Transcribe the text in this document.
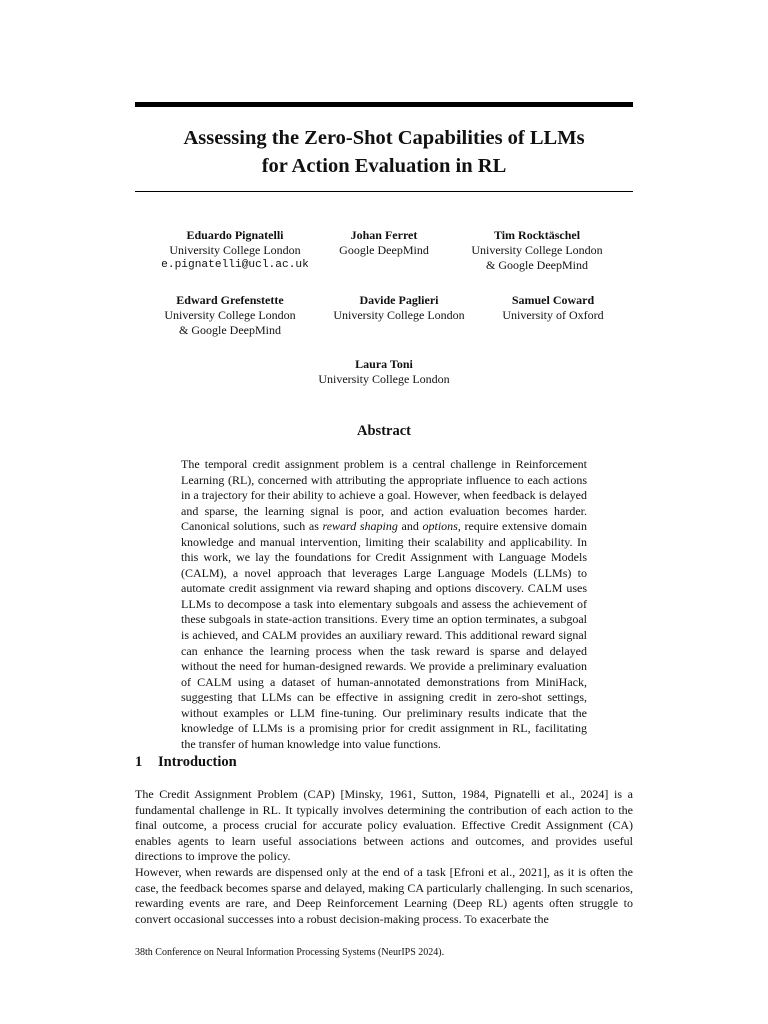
Assessing the Zero-Shot Capabilities of LLMs
for Action Evaluation in RL
Eduardo Pignatelli
University College London
e.pignatelli@ucl.ac.uk
Johan Ferret
Google DeepMind
Tim Rocktäschel
University College London
& Google DeepMind
Edward Grefenstette
University College London
& Google DeepMind
Davide Paglieri
University College London
Samuel Coward
University of Oxford
Laura Toni
University College London
Abstract

The temporal credit assignment problem is a central challenge in Reinforcement Learning (RL), concerned with attributing the appropriate influence to each actions in a trajectory for their ability to achieve a goal. However, when feedback is delayed and sparse, the learning signal is poor, and action evaluation becomes harder. Canonical solutions, such as reward shaping and options, require extensive domain knowledge and manual intervention, limiting their scalability and applicability. In this work, we lay the foundations for Credit Assignment with Language Models (CALM), a novel approach that leverages Large Language Models (LLMs) to automate credit assignment via reward shaping and options discovery. CALM uses LLMs to decompose a task into elementary subgoals and assess the achievement of these subgoals in state-action transitions. Every time an option terminates, a subgoal is achieved, and CALM provides an auxiliary reward. This additional reward signal can enhance the learning process when the task reward is sparse and delayed without the need for human-designed rewards. We provide a preliminary evaluation of CALM using a dataset of human-annotated demonstrations from MiniHack, suggesting that LLMs can be effective in assigning credit in zero-shot settings, without examples or LLM fine-tuning. Our preliminary results indicate that the knowledge of LLMs is a promising prior for credit assignment in RL, facilitating the transfer of human knowledge into value functions.

1 Introduction

The Credit Assignment Problem (CAP) [Minsky, 1961, Sutton, 1984, Pignatelli et al., 2024] is a fundamental challenge in RL. It typically involves determining the contribution of each action to the final outcome, a process crucial for accurate policy evaluation. Effective Credit Assignment (CA) enables agents to learn useful associations between actions and outcomes, and provides useful directions to improve the policy.

However, when rewards are dispensed only at the end of a task [Efroni et al., 2021], as it is often the case, the feedback becomes sparse and delayed, making CA particularly challenging. In such scenarios, rewarding events are rare, and Deep Reinforcement Learning (Deep RL) agents often struggle to convert occasional successes into a robust decision-making process. To exacerbate the

38th Conference on Neural Information Processing Systems (NeurIPS 2024).
